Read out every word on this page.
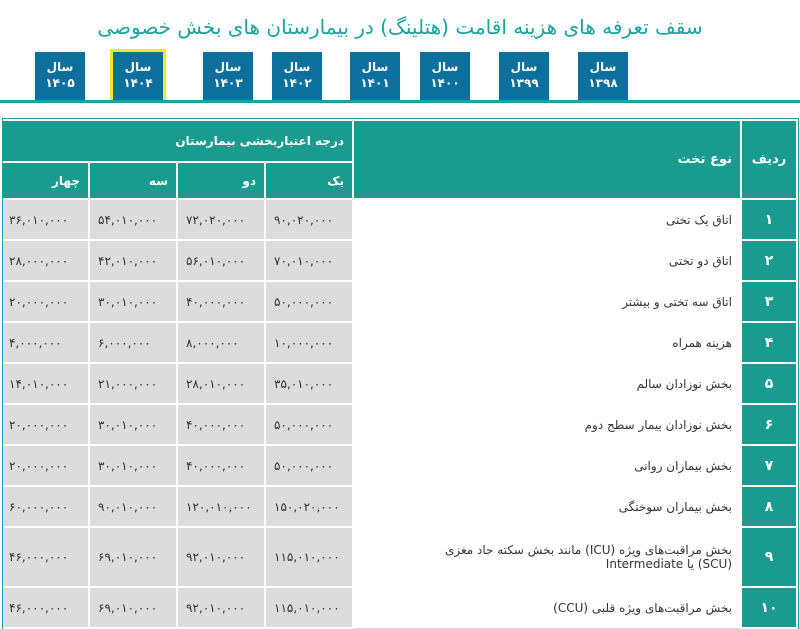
سقف تعرفه های هزینه اقامت (هتلینگ) در بیمارستان های بخش خصوصی
سال
۱۳۹۸
سال
۱۳۹۹
سال
۱۴۰۰
سال
۱۴۰۱
سال
۱۴۰۲
سال
۱۴۰۳
سال
۱۴۰۴
سال
۱۴۰۵
ردیف	نوع تخت	درجه اعتباربخشی بیمارستان			
		یک	دو	سه	چهار
۱	اتاق یک تختی	۹۰,۰۲۰,۰۰۰	۷۲,۰۲۰,۰۰۰	۵۴,۰۱۰,۰۰۰	۳۶,۰۱۰,۰۰۰
۲	اتاق دو تختی	۷۰,۰۱۰,۰۰۰	۵۶,۰۱۰,۰۰۰	۴۲,۰۱۰,۰۰۰	۲۸,۰۰۰,۰۰۰
۳	اتاق سه تختی و بیشتر	۵۰,۰۰۰,۰۰۰	۴۰,۰۰۰,۰۰۰	۳۰,۰۱۰,۰۰۰	۲۰,۰۰۰,۰۰۰
۴	هزینه همراه	۱۰,۰۰۰,۰۰۰	۸,۰۰۰,۰۰۰	۶,۰۰۰,۰۰۰	۴,۰۰۰,۰۰۰
۵	بخش نوزادان سالم	۳۵,۰۱۰,۰۰۰	۲۸,۰۱۰,۰۰۰	۲۱,۰۰۰,۰۰۰	۱۴,۰۱۰,۰۰۰
۶	بخش نوزادان بیمار سطح دوم	۵۰,۰۰۰,۰۰۰	۴۰,۰۰۰,۰۰۰	۳۰,۰۱۰,۰۰۰	۲۰,۰۰۰,۰۰۰
۷	بخش بیماران روانی	۵۰,۰۰۰,۰۰۰	۴۰,۰۰۰,۰۰۰	۳۰,۰۱۰,۰۰۰	۲۰,۰۰۰,۰۰۰
۸	بخش بیماران سوختگی	۱۵۰,۰۲۰,۰۰۰	۱۲۰,۰۱۰,۰۰۰	۹۰,۰۱۰,۰۰۰	۶۰,۰۰۰,۰۰۰
۹	بخش مراقبت‌های ویژه (ICU) مانند بخش سکته حاد مغزی
(SCU) یا Intermediate	۱۱۵,۰۱۰,۰۰۰	۹۲,۰۱۰,۰۰۰	۶۹,۰۱۰,۰۰۰	۴۶,۰۰۰,۰۰۰
۱۰	بخش مراقبت‌های ویژه قلبی (CCU)	۱۱۵,۰۱۰,۰۰۰	۹۲,۰۱۰,۰۰۰	۶۹,۰۱۰,۰۰۰	۴۶,۰۰۰,۰۰۰
